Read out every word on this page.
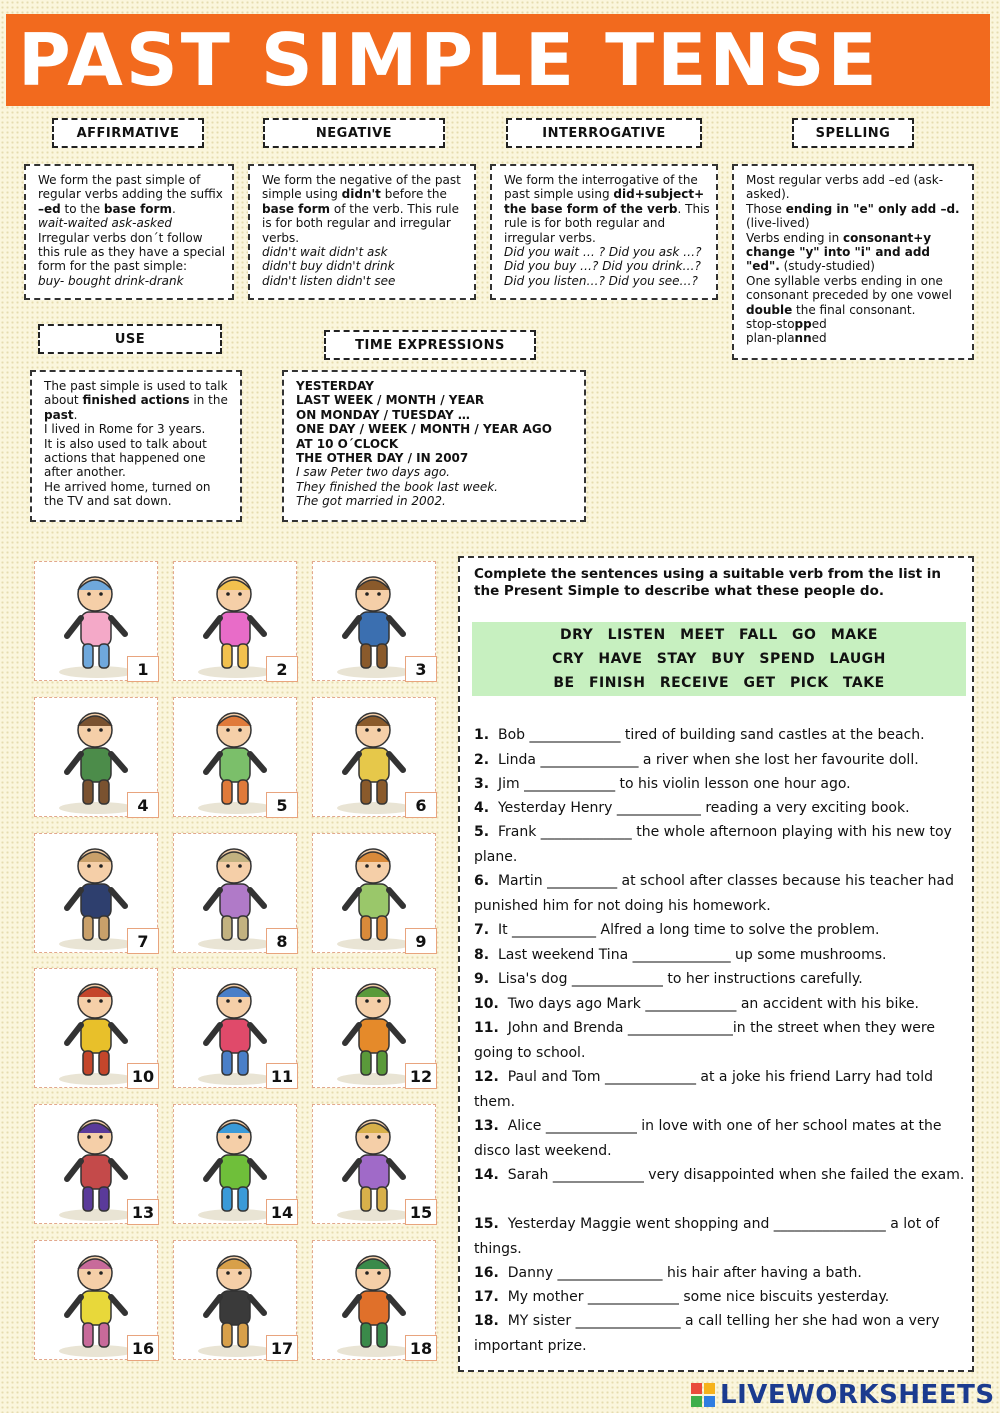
PAST SIMPLE TENSE
AFFIRMATIVE	NEGATIVE	INTERROGATIVE	SPELLING
We form the past simple of
regular verbs adding the suffix
–ed to the base form.
wait-waited ask-asked
Irregular verbs don´t follow
this rule as they have a special
form for the past simple:
buy- bought drink-drank
We form the negative of the past
simple using didn't before the
base form of the verb. This rule
is for both regular and irregular
verbs.
didn't wait didn't ask
didn't buy didn't drink
didn't listen didn't see
We form the interrogative of the
past simple using did+subject+
the base form of the verb. This
rule is for both regular and
irregular verbs.
Did you wait … ? Did you ask …?
Did you buy …? Did you drink…?
Did you listen…? Did you see…?
Most regular verbs add –ed (ask-
asked).
Those ending in "e" only add –d.
(live-lived)
Verbs ending in consonant+y
change "y" into "i" and add
"ed". (study-studied)
One syllable verbs ending in one
consonant preceded by one vowel
double the final consonant.
stop-stopped
plan-planned
USE	TIME EXPRESSIONS
The past simple is used to talk
about finished actions in the
past.
I lived in Rome for 3 years.
It is also used to talk about
actions that happened one
after another.
He arrived home, turned on
the TV and sat down.
YESTERDAY
LAST WEEK / MONTH / YEAR
ON MONDAY / TUESDAY …
ONE DAY / WEEK / MONTH / YEAR AGO
AT 10 O´CLOCK
THE OTHER DAY / IN 2007
I saw Peter two days ago.
They finished the book last week.
The got married in 2002.
1	2	3
4	5	6
7	8	9
10	11	12
13	14	15
16	17	18
Complete the sentences using a suitable verb from the list in
the Present Simple to describe what these people do.
DRY LISTEN MEET FALL GO MAKE
CRY HAVE STAY BUY SPEND LAUGH
BE FINISH RECEIVE GET PICK TAKE
1. Bob _____________ tired of building sand castles at the beach.
2. Linda ______________ a river when she lost her favourite doll.
3. Jim _____________ to his violin lesson one hour ago.
4. Yesterday Henry ____________ reading a very exciting book.
5. Frank _____________ the whole afternoon playing with his new toy plane.
6. Martin __________ at school after classes because his teacher had punished him for not doing his homework.
7. It ____________ Alfred a long time to solve the problem.
8. Last weekend Tina ______________ up some mushrooms.
9. Lisa's dog _____________ to her instructions carefully.
10. Two days ago Mark _____________ an accident with his bike.
11. John and Brenda _______________in the street when they were going to school.
12. Paul and Tom _____________ at a joke his friend Larry had told them.
13. Alice _____________ in love with one of her school mates at the disco last weekend.
14. Sarah _____________ very disappointed when she failed the exam.
15. Yesterday Maggie went shopping and ________________ a lot of things.
16. Danny _______________ his hair after having a bath.
17. My mother _____________ some nice biscuits yesterday.
18. MY sister _______________ a call telling her she had won a very important prize.
LIVEWORKSHEETS
